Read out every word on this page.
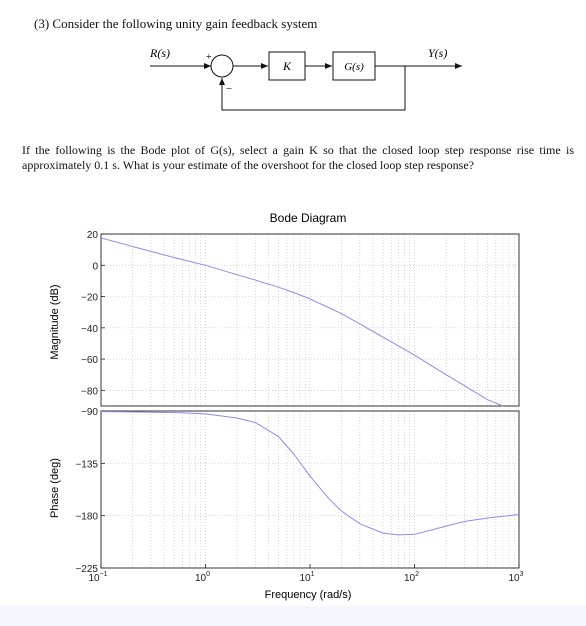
(3) Consider the following unity gain feedback system
R(s)	+
K	G(s)
Y(s)
−
If the following is the Bode plot of G(s), select a gain K so that the closed loop step response rise time is approximately 0.1 s. What is your estimate of the overshoot for the closed loop step response?
Bode Diagram
20
0
−20
−40
−60
−80
−90
−135
−180
−225
$10^{-1}$	$10^0$	$10^1$	$10^2$	$10^3$
Frequency (rad/s)
Magnitude (dB)
Phase (deg)
